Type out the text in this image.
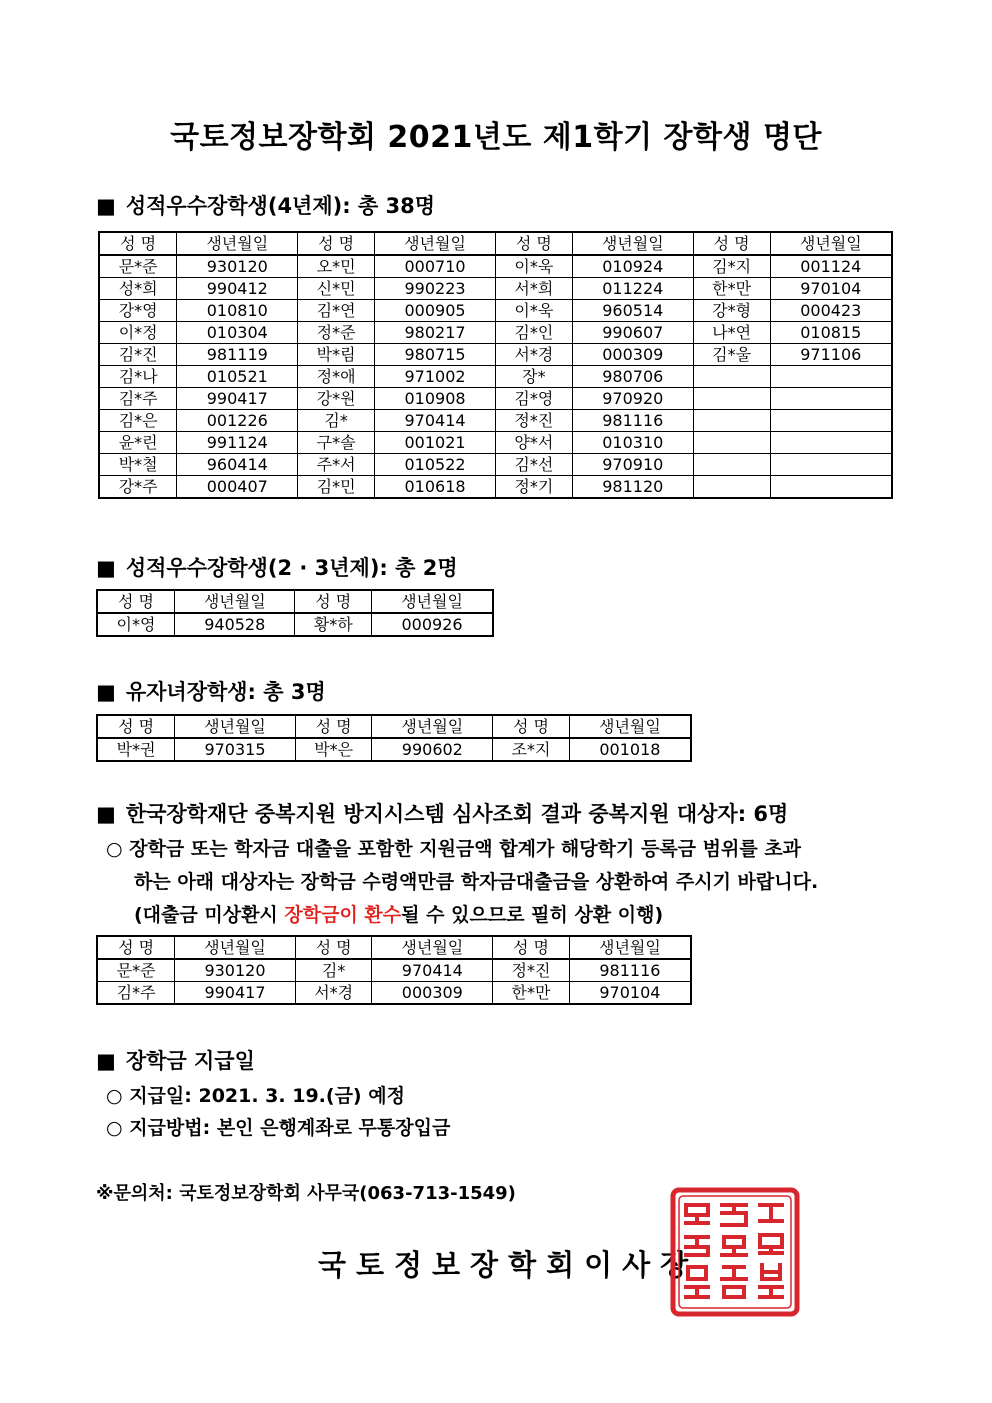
국토정보장학회 2021년도 제1학기 장학생 명단
■ 성적우수장학생(4년제): 총 38명
성 명	생년월일	성 명	생년월일	성 명	생년월일	성 명	생년월일
문*준	930120	오*민	000710	이*욱	010924	김*지	001124
성*희	990412	신*민	990223	서*희	011224	한*만	970104
강*영	010810	김*연	000905	이*욱	960514	강*형	000423
이*정	010304	정*준	980217	김*인	990607	나*연	010815
김*진	981119	박*림	980715	서*경	000309	김*울	971106
김*나	010521	정*애	971002	장*	980706		
김*주	990417	강*원	010908	김*영	970920		
김*은	001226	김*	970414	정*진	981116		
윤*린	991124	구*솔	001021	양*서	010310		
박*철	960414	주*서	010522	김*선	970910		
강*주	000407	김*민	010618	정*기	981120		
■ 성적우수장학생(2 · 3년제): 총 2명
성 명	생년월일	성 명	생년월일
이*영	940528	황*하	000926
■ 유자녀장학생: 총 3명
성 명	생년월일	성 명	생년월일	성 명	생년월일
박*권	970315	박*은	990602	조*지	001018
■ 한국장학재단 중복지원 방지시스템 심사조회 결과 중복지원 대상자: 6명
○ 장학금 또는 학자금 대출을 포함한 지원금액 합계가 해당학기 등록금 범위를 초과
하는 아래 대상자는 장학금 수령액만큼 학자금대출금을 상환하여 주시기 바랍니다.
(대출금 미상환시 장학금이 환수될 수 있으므로 필히 상환 이행)
성 명	생년월일	성 명	생년월일	성 명	생년월일
문*준	930120	김*	970414	정*진	981116
김*주	990417	서*경	000309	한*만	970104
■ 장학금 지급일
○ 지급일: 2021. 3. 19.(금) 예정
○ 지급방법: 본인 은행계좌로 무통장입금
※문의처: 국토정보장학회 사무국(063-713-1549)
국토정보장학회이사장
